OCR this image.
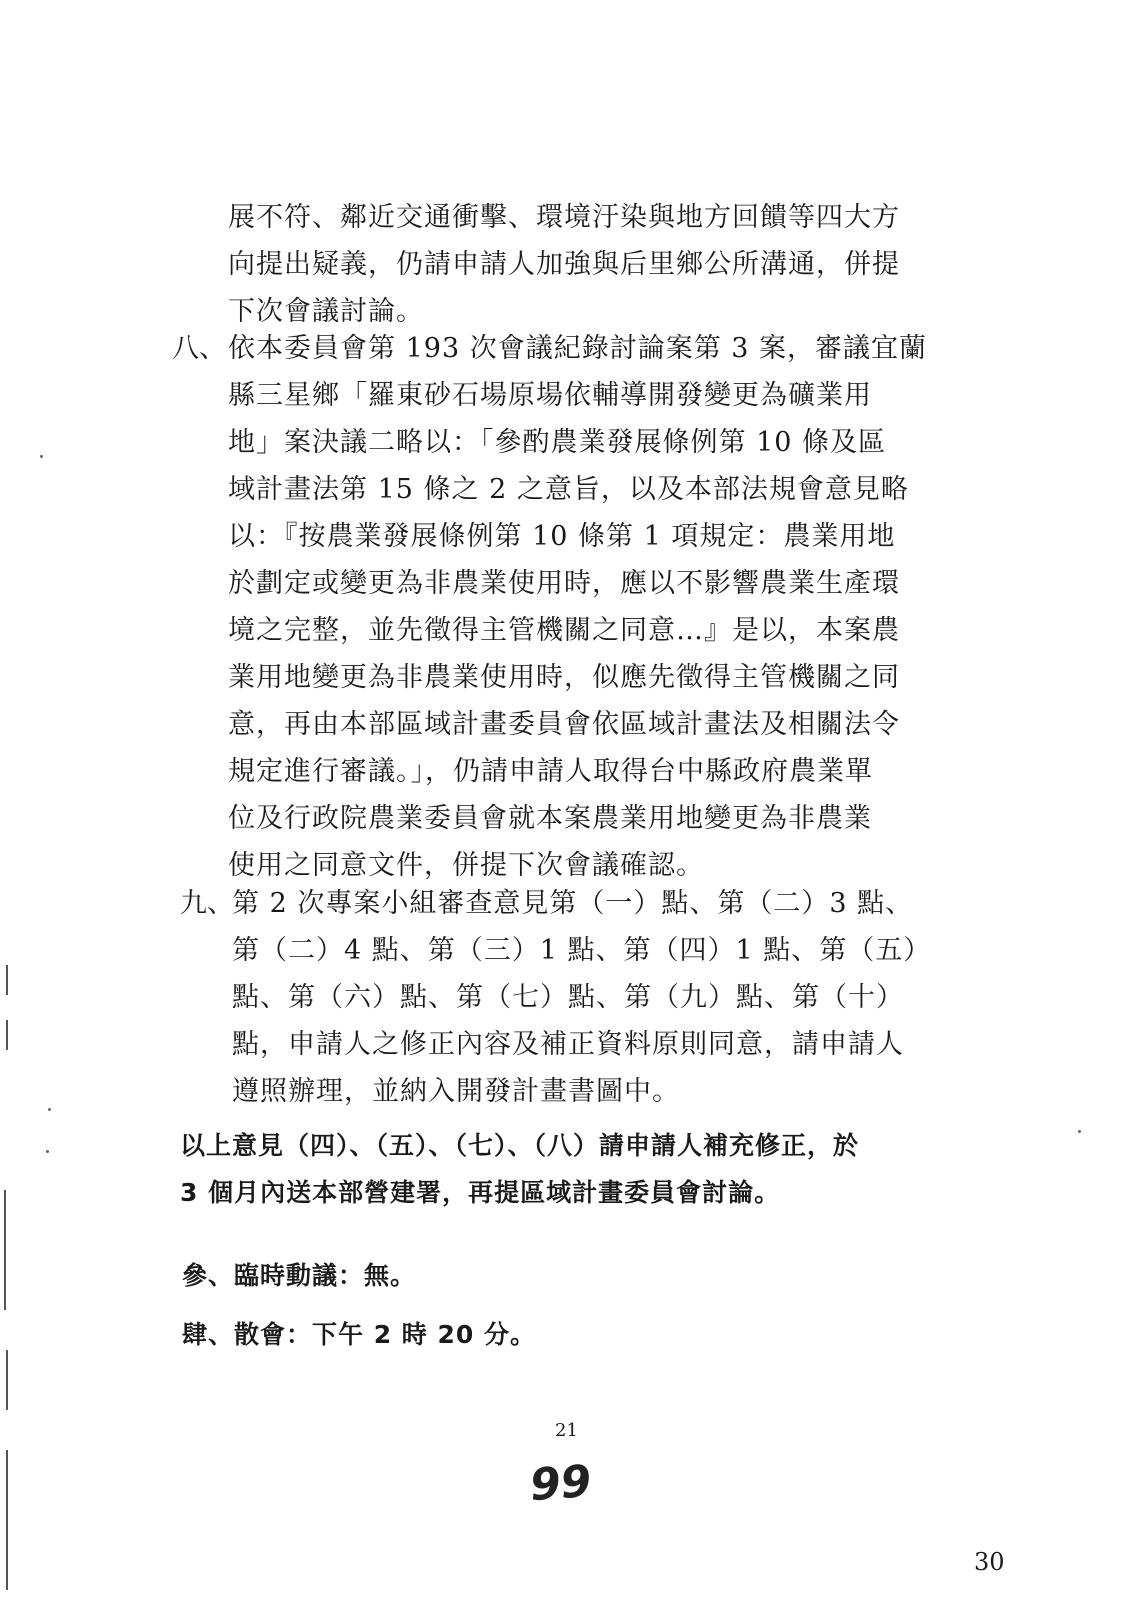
展不符、鄰近交通衝擊、環境汙染與地方回饋等四大方

向提出疑義，仍請申請人加強與后里鄉公所溝通，併提

下次會議討論。

八、 依本委員會第 193 次會議紀錄討論案第 3 案，審議宜蘭

縣三星鄉「羅東砂石場原場依輔導開發變更為礦業用

地」案決議二略以：「參酌農業發展條例第 10 條及區

域計畫法第 15 條之 2 之意旨，以及本部法規會意見略

以：『按農業發展條例第 10 條第 1 項規定：農業用地

於劃定或變更為非農業使用時，應以不影響農業生產環

境之完整，並先徵得主管機關之同意…』是以，本案農

業用地變更為非農業使用時，似應先徵得主管機關之同

意，再由本部區域計畫委員會依區域計畫法及相關法令

規定進行審議。」，仍請申請人取得台中縣政府農業單

位及行政院農業委員會就本案農業用地變更為非農業

使用之同意文件，併提下次會議確認。

九、

第 2 次專案小組審查意見第（一）點、第（二）3 點、

第（二）4 點、第（三）1 點、第（四）1 點、第（五）

點、第（六）點、第（七）點、第（九）點、第（十）

點，申請人之修正內容及補正資料原則同意，請申請人

遵照辦理，並納入開發計畫書圖中。

以上意見（四）、（五）、（七）、（八）請申請人補充修正，於

3 個月內送本部營建署，再提區域計畫委員會討論。

參、臨時動議：無。

肆、散會：下午 2 時 20 分。

21

99

30
